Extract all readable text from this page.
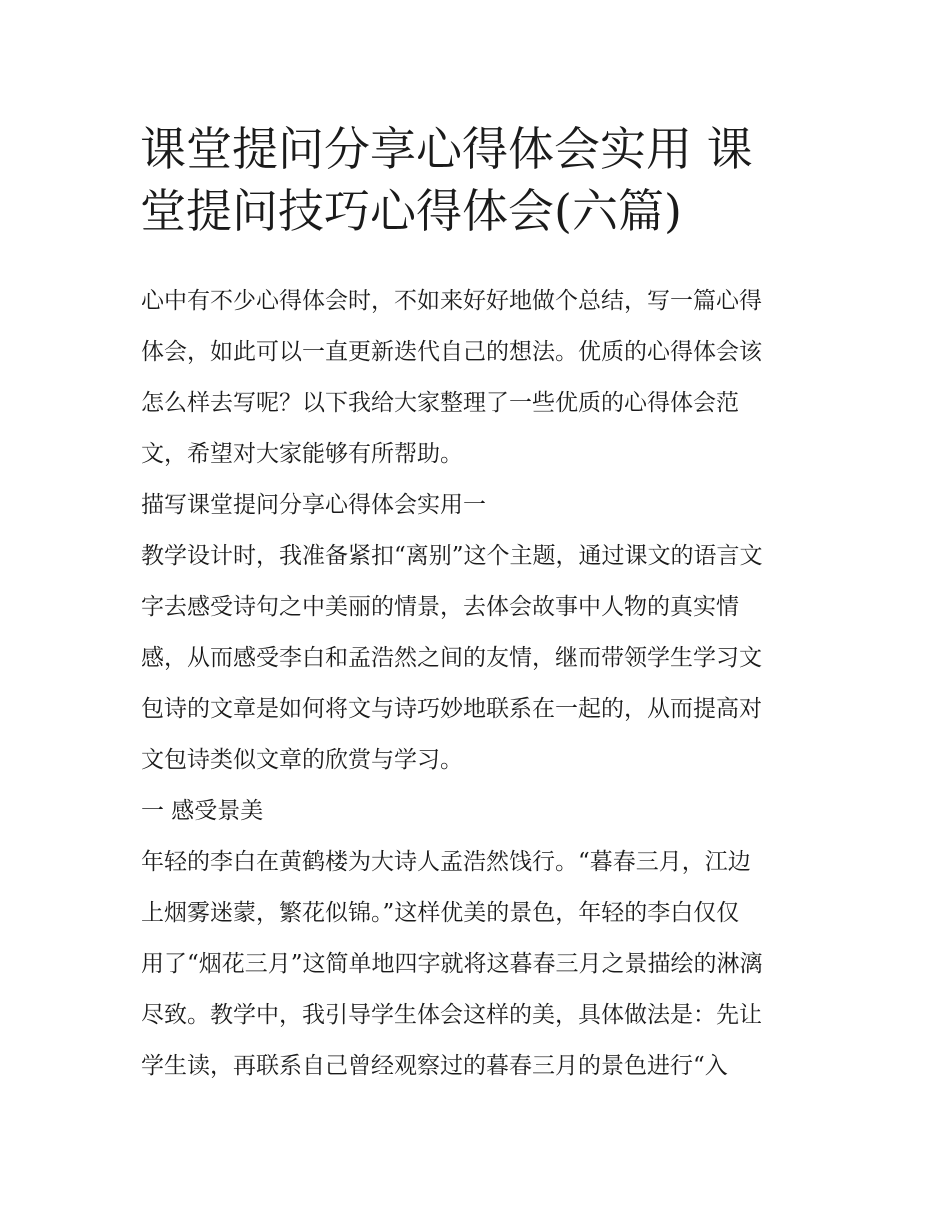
课堂提问分享心得体会实用 课
堂提问技巧心得体会(六篇)

心中有不少心得体会时，不如来好好地做个总结，写一篇心得

体会，如此可以一直更新迭代自己的想法。优质的心得体会该

怎么样去写呢？以下我给大家整理了一些优质的心得体会范

文，希望对大家能够有所帮助。

描写课堂提问分享心得体会实用一

教学设计时，我准备紧扣“离别”这个主题，通过课文的语言文

字去感受诗句之中美丽的情景，去体会故事中人物的真实情

感，从而感受李白和孟浩然之间的友情，继而带领学生学习文

包诗的文章是如何将文与诗巧妙地联系在一起的，从而提高对

文包诗类似文章的欣赏与学习。

一 感受景美

年轻的李白在黄鹤楼为大诗人孟浩然饯行。“暮春三月，江边

上烟雾迷蒙，繁花似锦。”这样优美的景色，年轻的李白仅仅

用了“烟花三月”这简单地四字就将这暮春三月之景描绘的淋漓

尽致。教学中，我引导学生体会这样的美，具体做法是：先让

学生读，再联系自己曾经观察过的暮春三月的景色进行“入
